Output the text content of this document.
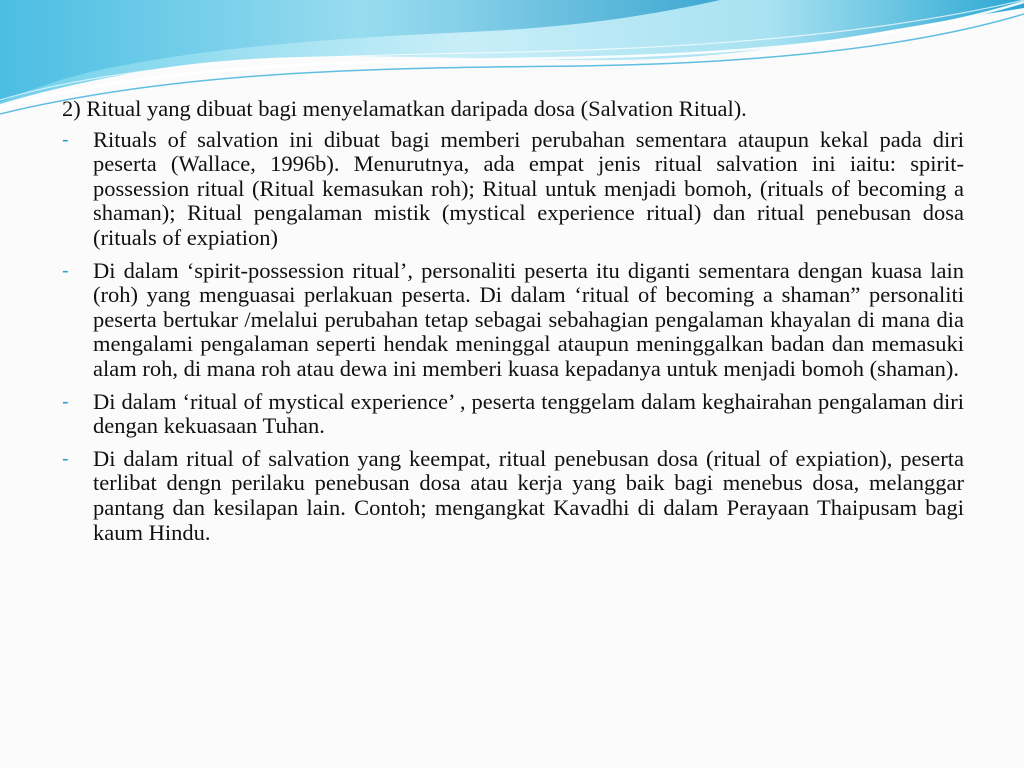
2) Ritual yang dibuat bagi menyelamatkan daripada dosa (Salvation Ritual).

- Rituals of salvation ini dibuat bagi memberi perubahan sementara ataupun kekal pada diri peserta (Wallace, 1996b). Menurutnya, ada empat jenis ritual salvation ini iaitu: spirit-possession ritual (Ritual kemasukan roh); Ritual untuk menjadi bomoh, (rituals of becoming a shaman); Ritual pengalaman mistik (mystical experience ritual) dan ritual penebusan dosa (rituals of expiation)
- Di dalam ‘spirit-possession ritual’, personaliti peserta itu diganti sementara dengan kuasa lain (roh) yang menguasai perlakuan peserta. Di dalam ‘ritual of becoming a shaman” personaliti peserta bertukar /melalui perubahan tetap sebagai sebahagian pengalaman khayalan di mana dia mengalami pengalaman seperti hendak meninggal ataupun meninggalkan badan dan memasuki alam roh, di mana roh atau dewa ini memberi kuasa kepadanya untuk menjadi bomoh (shaman).
- Di dalam ‘ritual of mystical experience’ , peserta tenggelam dalam keghairahan pengalaman diri dengan kekuasaan Tuhan.
- Di dalam ritual of salvation yang keempat, ritual penebusan dosa (ritual of expiation), peserta terlibat dengn perilaku penebusan dosa atau kerja yang baik bagi menebus dosa, melanggar pantang dan kesilapan lain. Contoh; mengangkat Kavadhi di dalam Perayaan Thaipusam bagi kaum Hindu.
